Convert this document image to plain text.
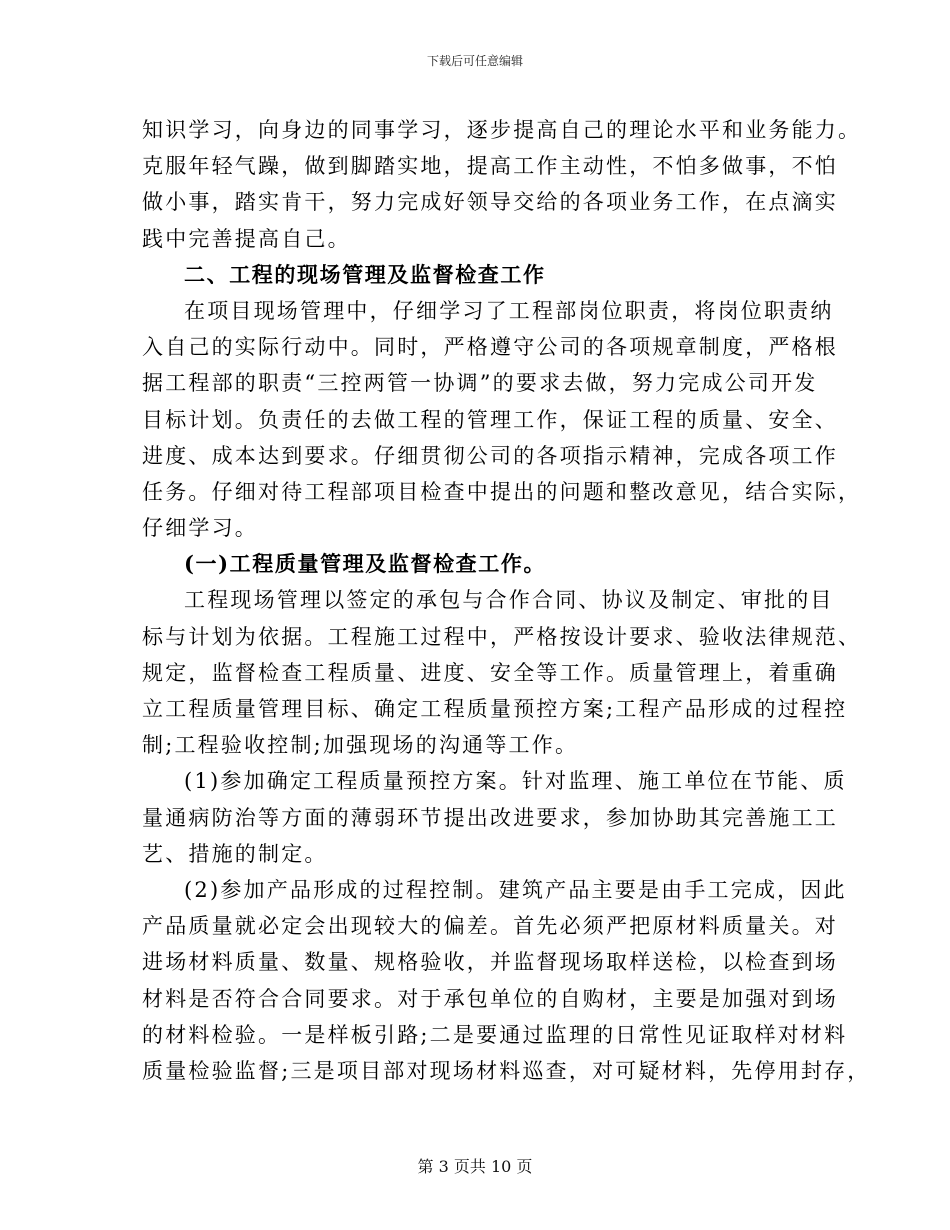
下载后可任意编辑
知识学习，向身边的同事学习，逐步提高自己的理论水平和业务能力。
克服年轻气躁，做到脚踏实地，提高工作主动性，不怕多做事，不怕
做小事，踏实肯干，努力完成好领导交给的各项业务工作，在点滴实
践中完善提高自己。
二、工程的现场管理及监督检查工作
在项目现场管理中，仔细学习了工程部岗位职责，将岗位职责纳
入自己的实际行动中。同时，严格遵守公司的各项规章制度，严格根
据工程部的职责“三控两管一协调”的要求去做，努力完成公司开发
目标计划。负责任的去做工程的管理工作，保证工程的质量、安全、
进度、成本达到要求。仔细贯彻公司的各项指示精神，完成各项工作
任务。仔细对待工程部项目检查中提出的问题和整改意见，结合实际，
仔细学习。
(一)工程质量管理及监督检查工作。
工程现场管理以签定的承包与合作合同、协议及制定、审批的目
标与计划为依据。工程施工过程中，严格按设计要求、验收法律规范、
规定，监督检查工程质量、进度、安全等工作。质量管理上，着重确
立工程质量管理目标、确定工程质量预控方案;工程产品形成的过程控
制;工程验收控制;加强现场的沟通等工作。
(1)参加确定工程质量预控方案。针对监理、施工单位在节能、质
量通病防治等方面的薄弱环节提出改进要求，参加协助其完善施工工
艺、措施的制定。
(2)参加产品形成的过程控制。建筑产品主要是由手工完成，因此
产品质量就必定会出现较大的偏差。首先必须严把原材料质量关。对
进场材料质量、数量、规格验收，并监督现场取样送检，以检查到场
材料是否符合合同要求。对于承包单位的自购材，主要是加强对到场
的材料检验。一是样板引路;二是要通过监理的日常性见证取样对材料
质量检验监督;三是项目部对现场材料巡查，对可疑材料，先停用封存，
第 3 页共 10 页
